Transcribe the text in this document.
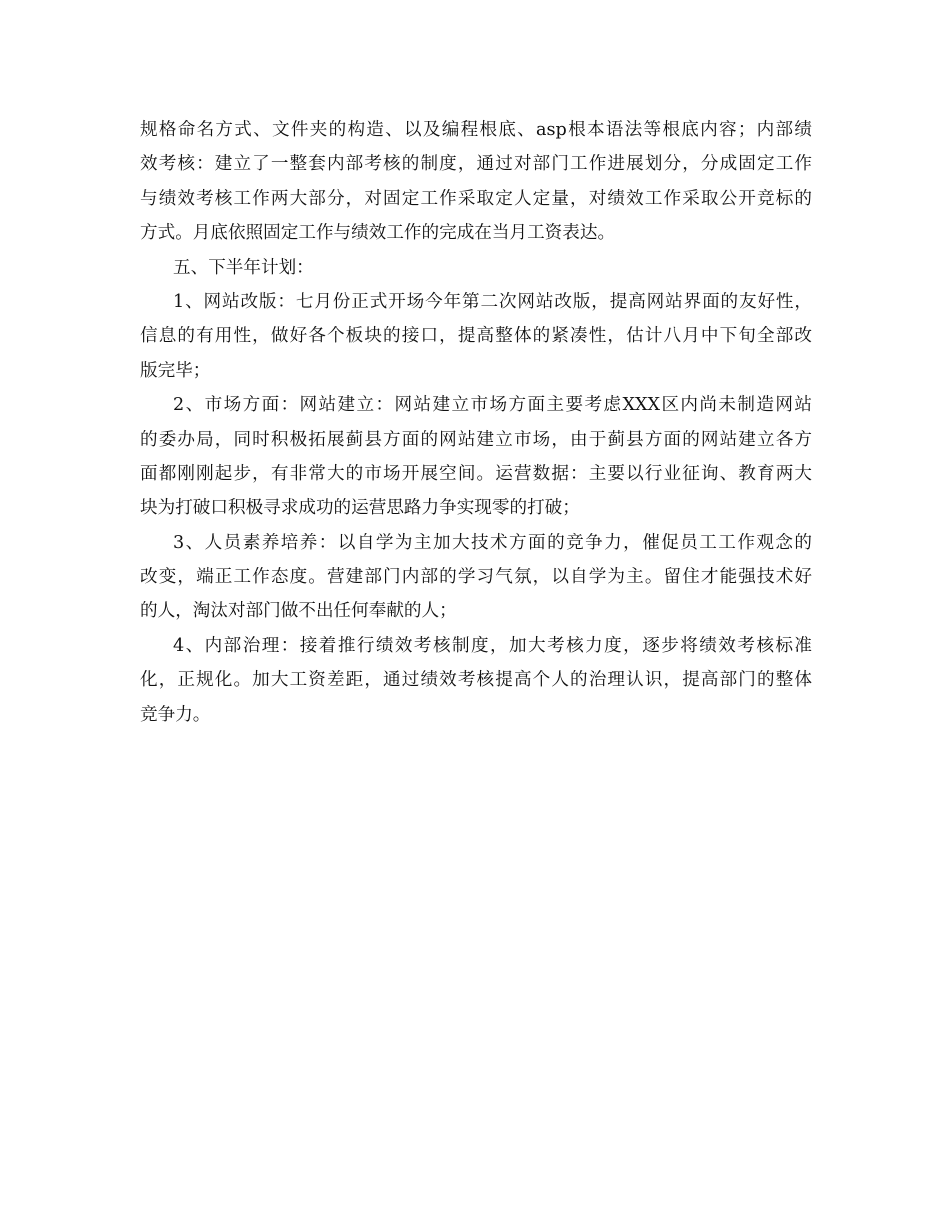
规格命名方式、文件夹的构造、以及编程根底、asp根本语法等根底内容；内部绩
效考核：建立了一整套内部考核的制度，通过对部门工作进展划分，分成固定工作
与绩效考核工作两大部分，对固定工作采取定人定量，对绩效工作采取公开竞标的
方式。月底依照固定工作与绩效工作的完成在当月工资表达。
五、下半年计划：
1、网站改版：七月份正式开场今年第二次网站改版，提高网站界面的友好性，
信息的有用性，做好各个板块的接口，提高整体的紧凑性，估计八月中下旬全部改
版完毕；
2、市场方面：网站建立：网站建立市场方面主要考虑XXX区内尚未制造网站
的委办局，同时积极拓展蓟县方面的网站建立市场，由于蓟县方面的网站建立各方
面都刚刚起步，有非常大的市场开展空间。运营数据：主要以行业征询、教育两大
块为打破口积极寻求成功的运营思路力争实现零的打破；
3、人员素养培养：以自学为主加大技术方面的竞争力，催促员工工作观念的
改变，端正工作态度。营建部门内部的学习气氛，以自学为主。留住才能强技术好
的人，淘汰对部门做不出任何奉献的人；
4、内部治理：接着推行绩效考核制度，加大考核力度，逐步将绩效考核标准
化，正规化。加大工资差距，通过绩效考核提高个人的治理认识，提高部门的整体
竞争力。
